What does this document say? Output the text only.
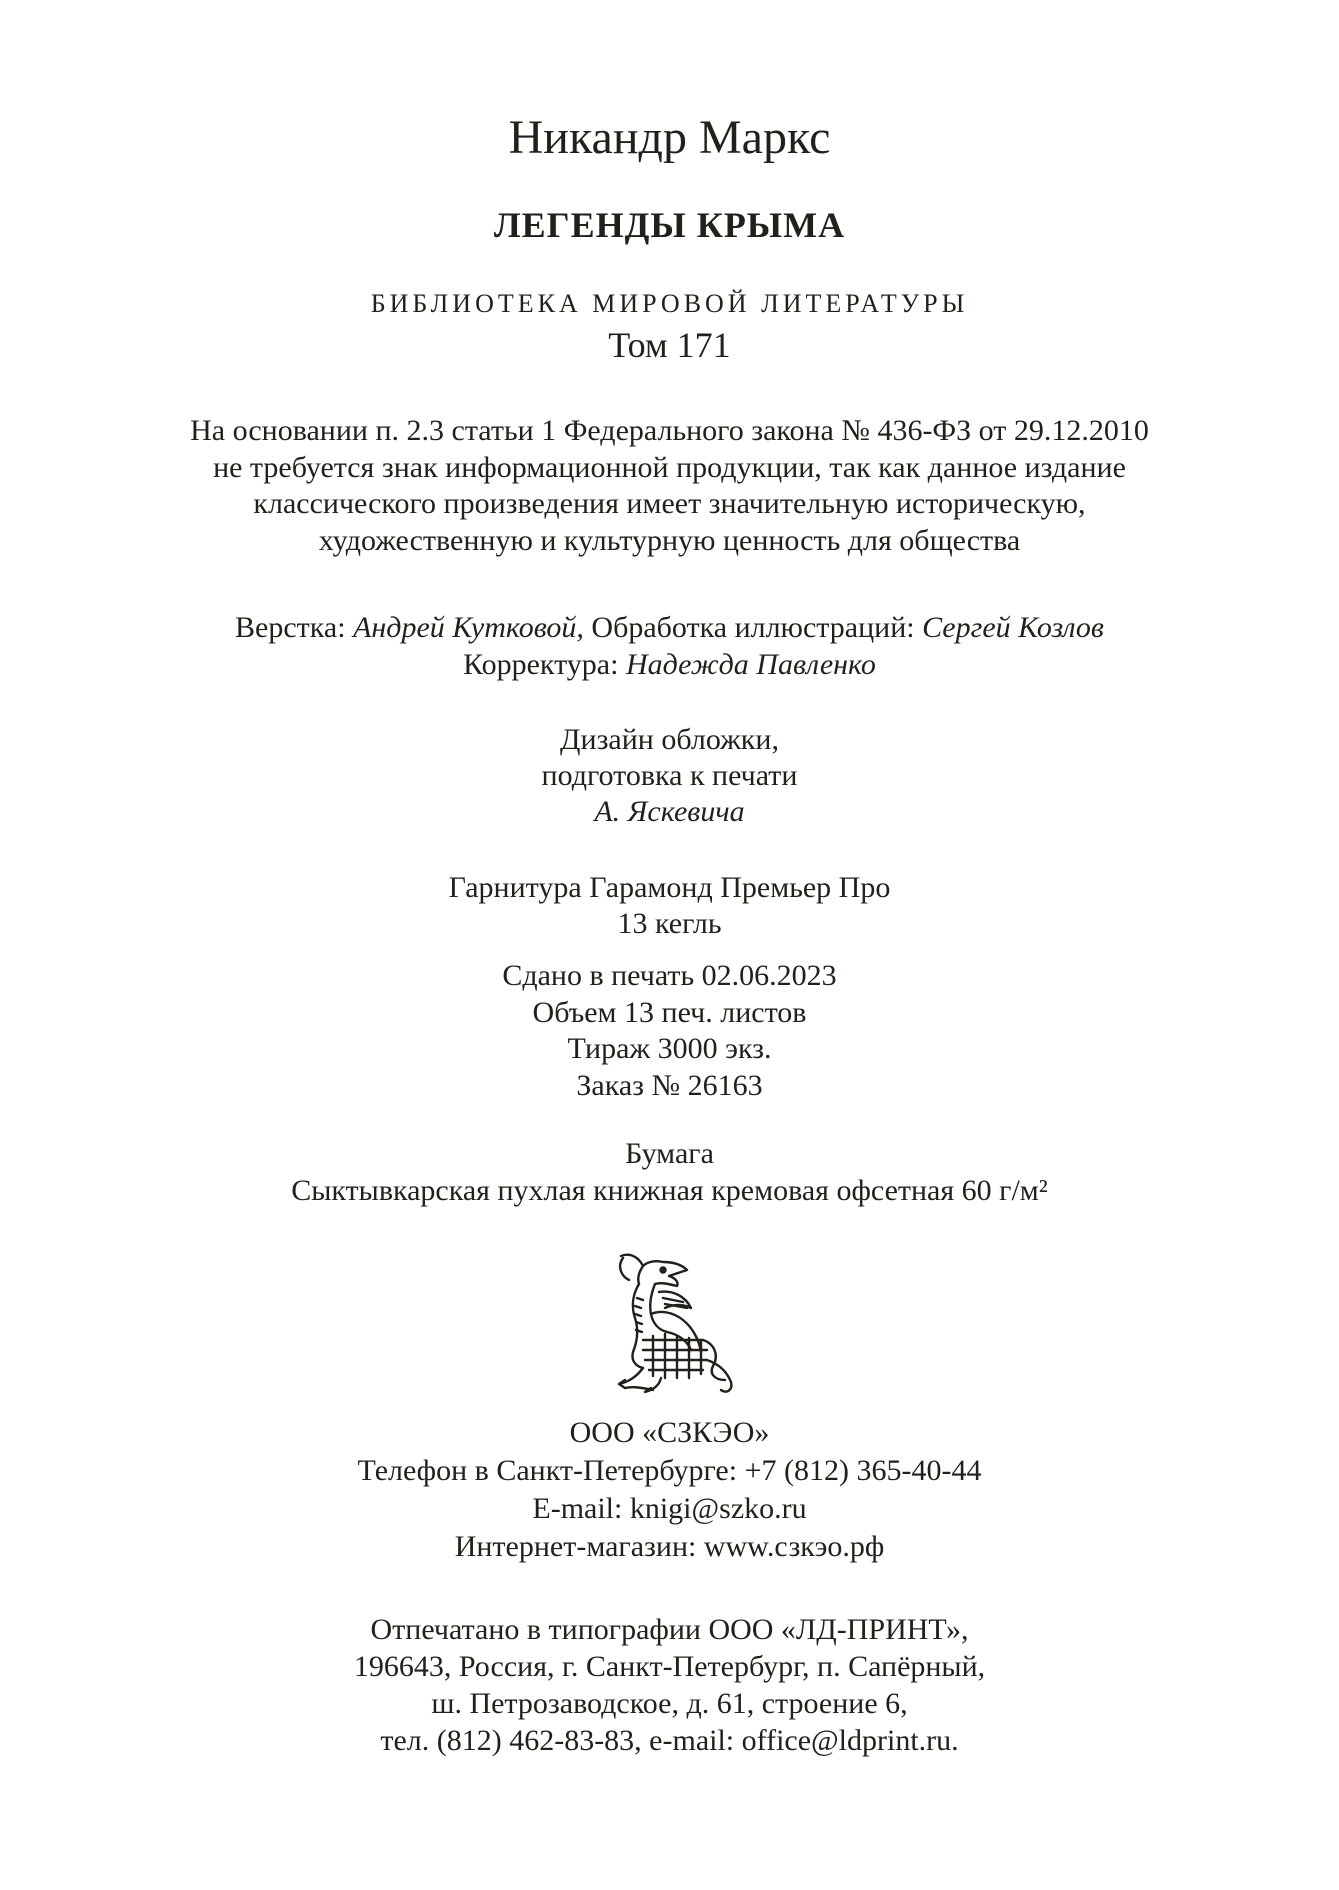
Никандр Маркс
ЛЕГЕНДЫ КРЫМА
БИБЛИОТЕКА МИРОВОЙ ЛИТЕРАТУРЫ
Том 171
На основании п. 2.3 статьи 1 Федерального закона № 436-ФЗ от 29.12.2010
не требуется знак информационной продукции, так как данное издание
классического произведения имеет значительную историческую,
художественную и культурную ценность для общества
Верстка: Андрей Кутковой, Обработка иллюстраций: Сергей Козлов
Корректура: Надежда Павленко
Дизайн обложки,
подготовка к печати
А. Яскевича
Гарнитура Гарамонд Премьер Про
13 кегль
Сдано в печать 02.06.2023
Объем 13 печ. листов
Тираж 3000 экз.
Заказ № 26163
Бумага
Сыктывкарская пухлая книжная кремовая офсетная 60 г/м²
ООО «СЗКЭО»
Телефон в Санкт-Петербурге: +7 (812) 365-40-44
E-mail: knigi@szko.ru
Интернет-магазин: www.сзкэо.рф
Отпечатано в типографии ООО «ЛД-ПРИНТ»,
196643, Россия, г. Санкт-Петербург, п. Сапёрный,
ш. Петрозаводское, д. 61, строение 6,
тел. (812) 462-83-83, e-mail: office@ldprint.ru.
